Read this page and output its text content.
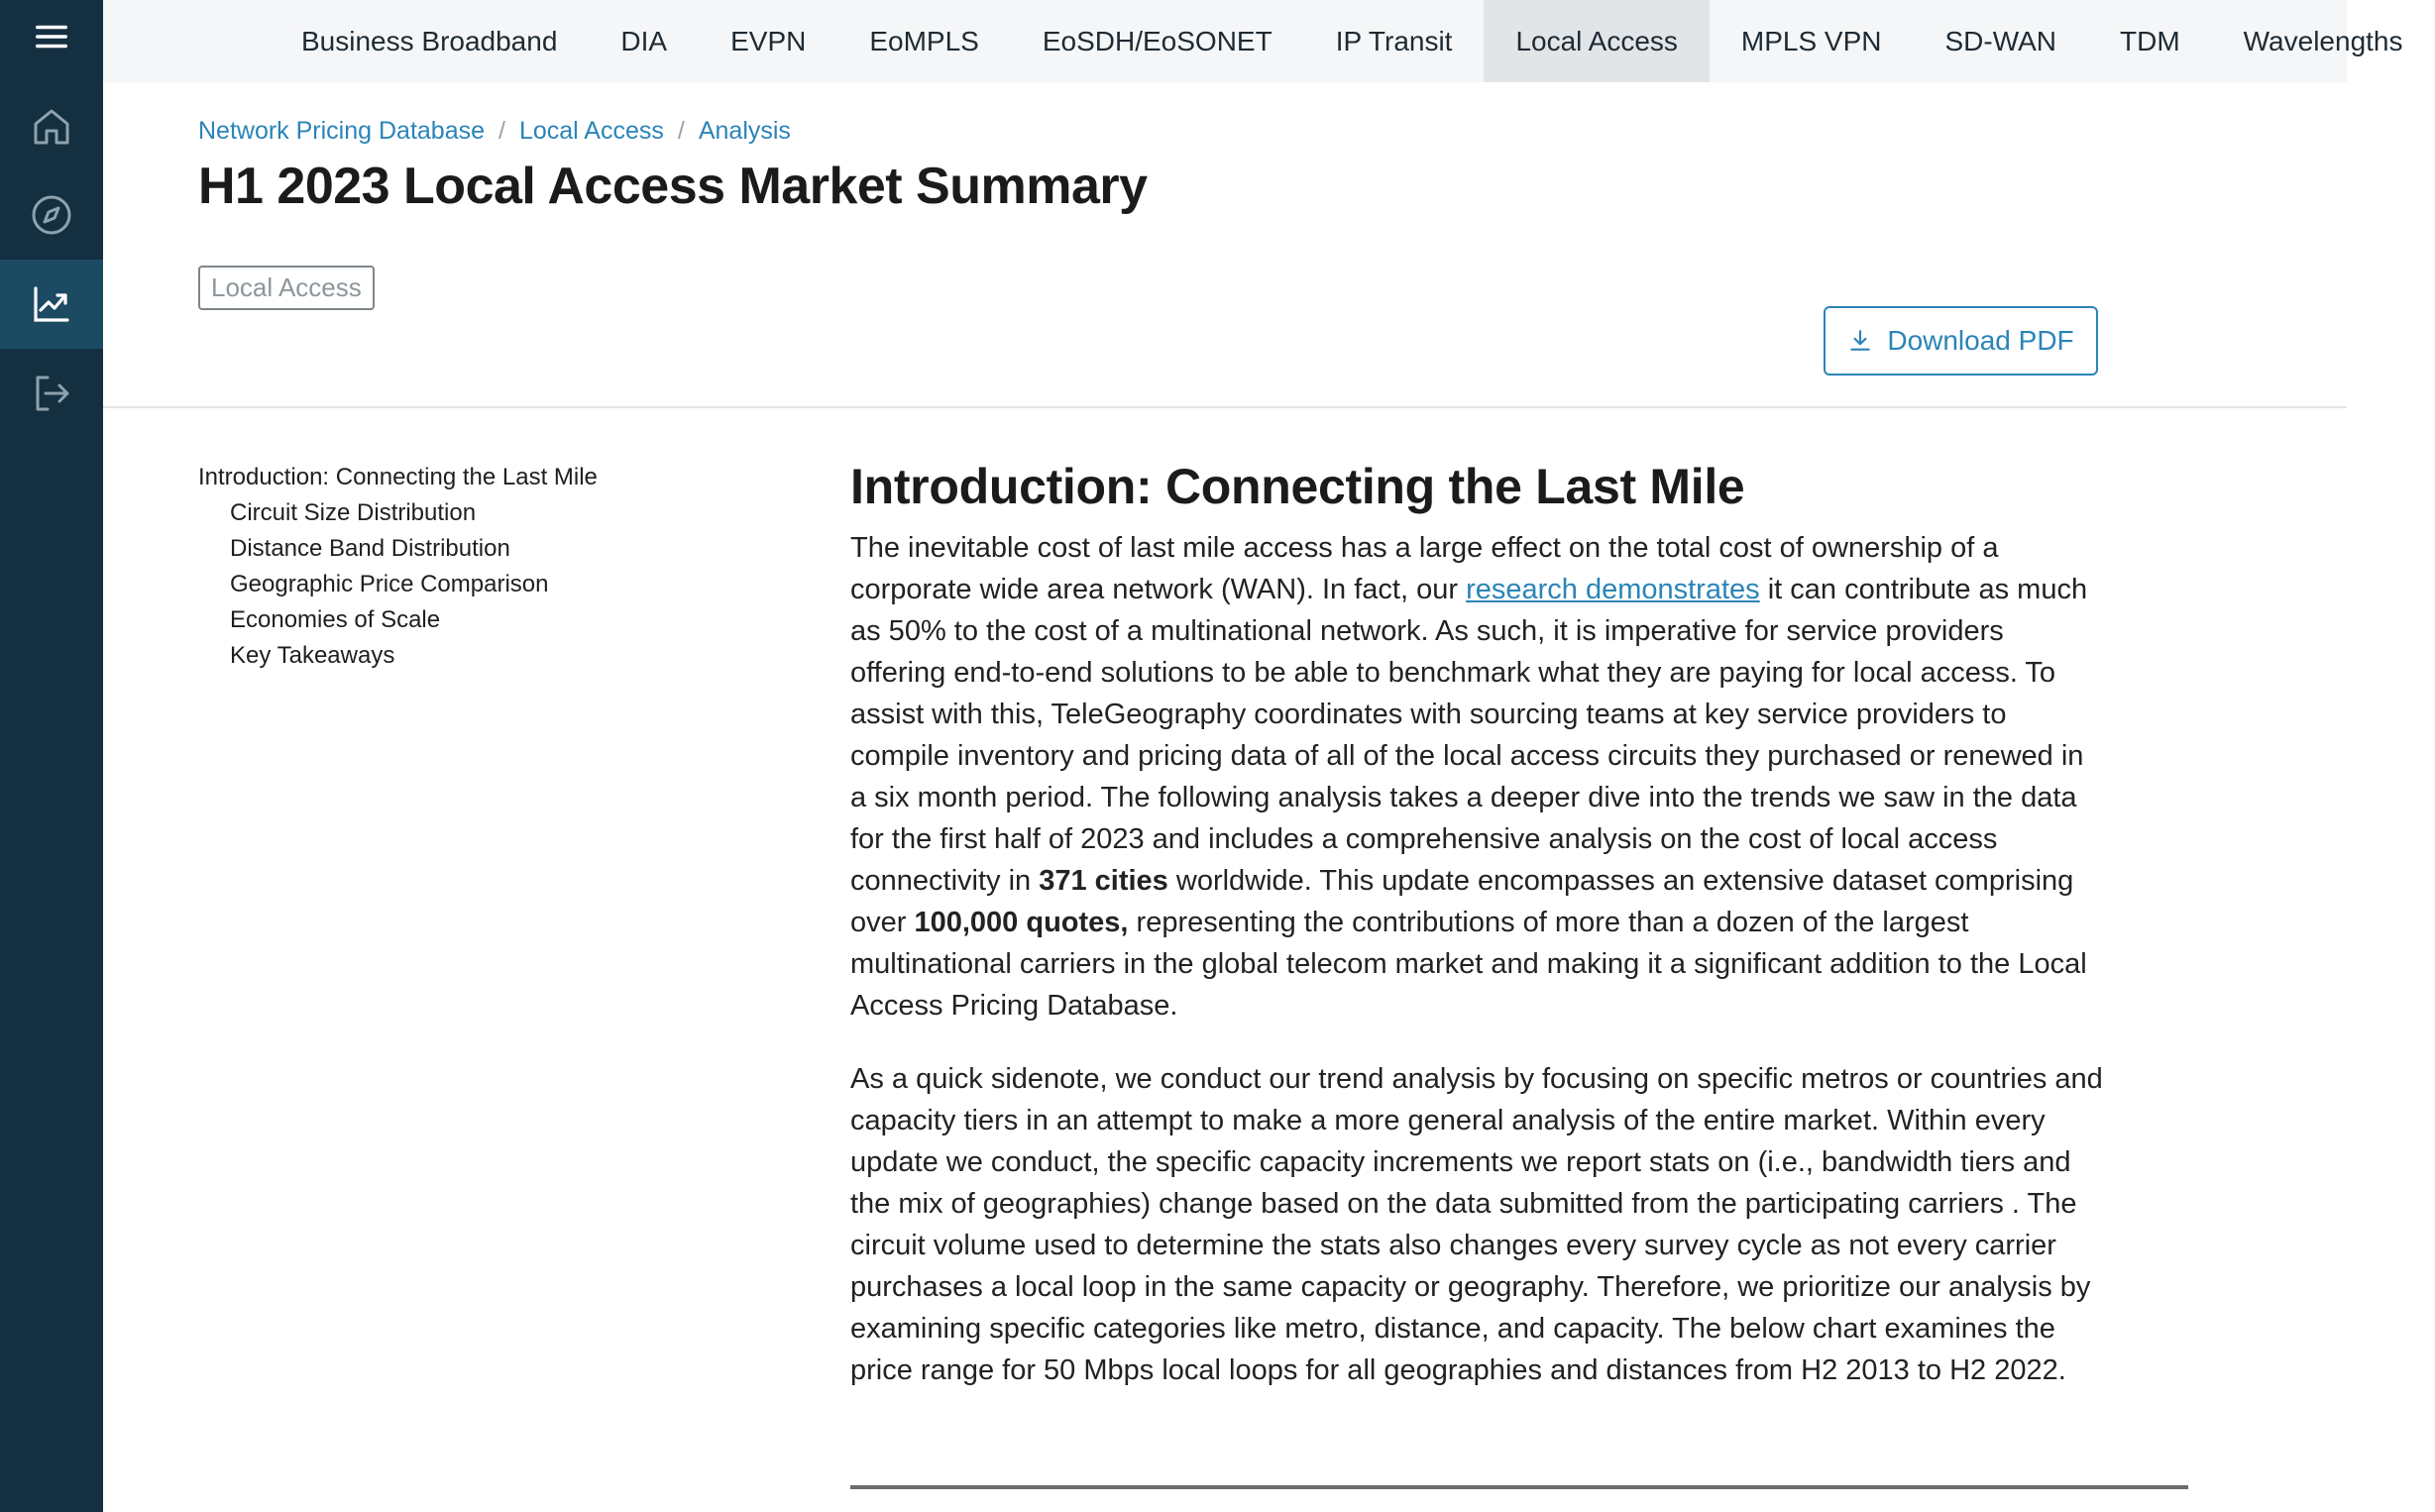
Business Broadband	DIA	EVPN	EoMPLS	EoSDH/EoSONET	IP Transit	Local Access	MPLS VPN	SD-WAN	TDM	Wavelengths
Network Pricing Database / Local Access / Analysis
H1 2023 Local Access Market Summary
Local Access
Download PDF
Introduction: Connecting the Last Mile
Circuit Size Distribution
Distance Band Distribution
Geographic Price Comparison
Economies of Scale
Key Takeaways
Introduction: Connecting the Last Mile

The inevitable cost of last mile access has a large effect on the total cost of ownership of a corporate wide area network (WAN). In fact, our research demonstrates it can contribute as much as 50% to the cost of a multinational network. As such, it is imperative for service providers offering end-to-end solutions to be able to benchmark what they are paying for local access. To assist with this, TeleGeography coordinates with sourcing teams at key service providers to compile inventory and pricing data of all of the local access circuits they purchased or renewed in a six month period. The following analysis takes a deeper dive into the trends we saw in the data for the first half of 2023 and includes a comprehensive analysis on the cost of local access connectivity in 371 cities worldwide. This update encompasses an extensive dataset comprising over 100,000 quotes, representing the contributions of more than a dozen of the largest multinational carriers in the global telecom market and making it a significant addition to the Local Access Pricing Database.

As a quick sidenote, we conduct our trend analysis by focusing on specific metros or countries and capacity tiers in an attempt to make a more general analysis of the entire market. Within every update we conduct, the specific capacity increments we report stats on (i.e., bandwidth tiers and the mix of geographies) change based on the data submitted from the participating carriers . The circuit volume used to determine the stats also changes every survey cycle as not every carrier purchases a local loop in the same capacity or geography. Therefore, we prioritize our analysis by examining specific categories like metro, distance, and capacity. The below chart examines the price range for 50 Mbps local loops for all geographies and distances from H2 2013 to H2 2022.
